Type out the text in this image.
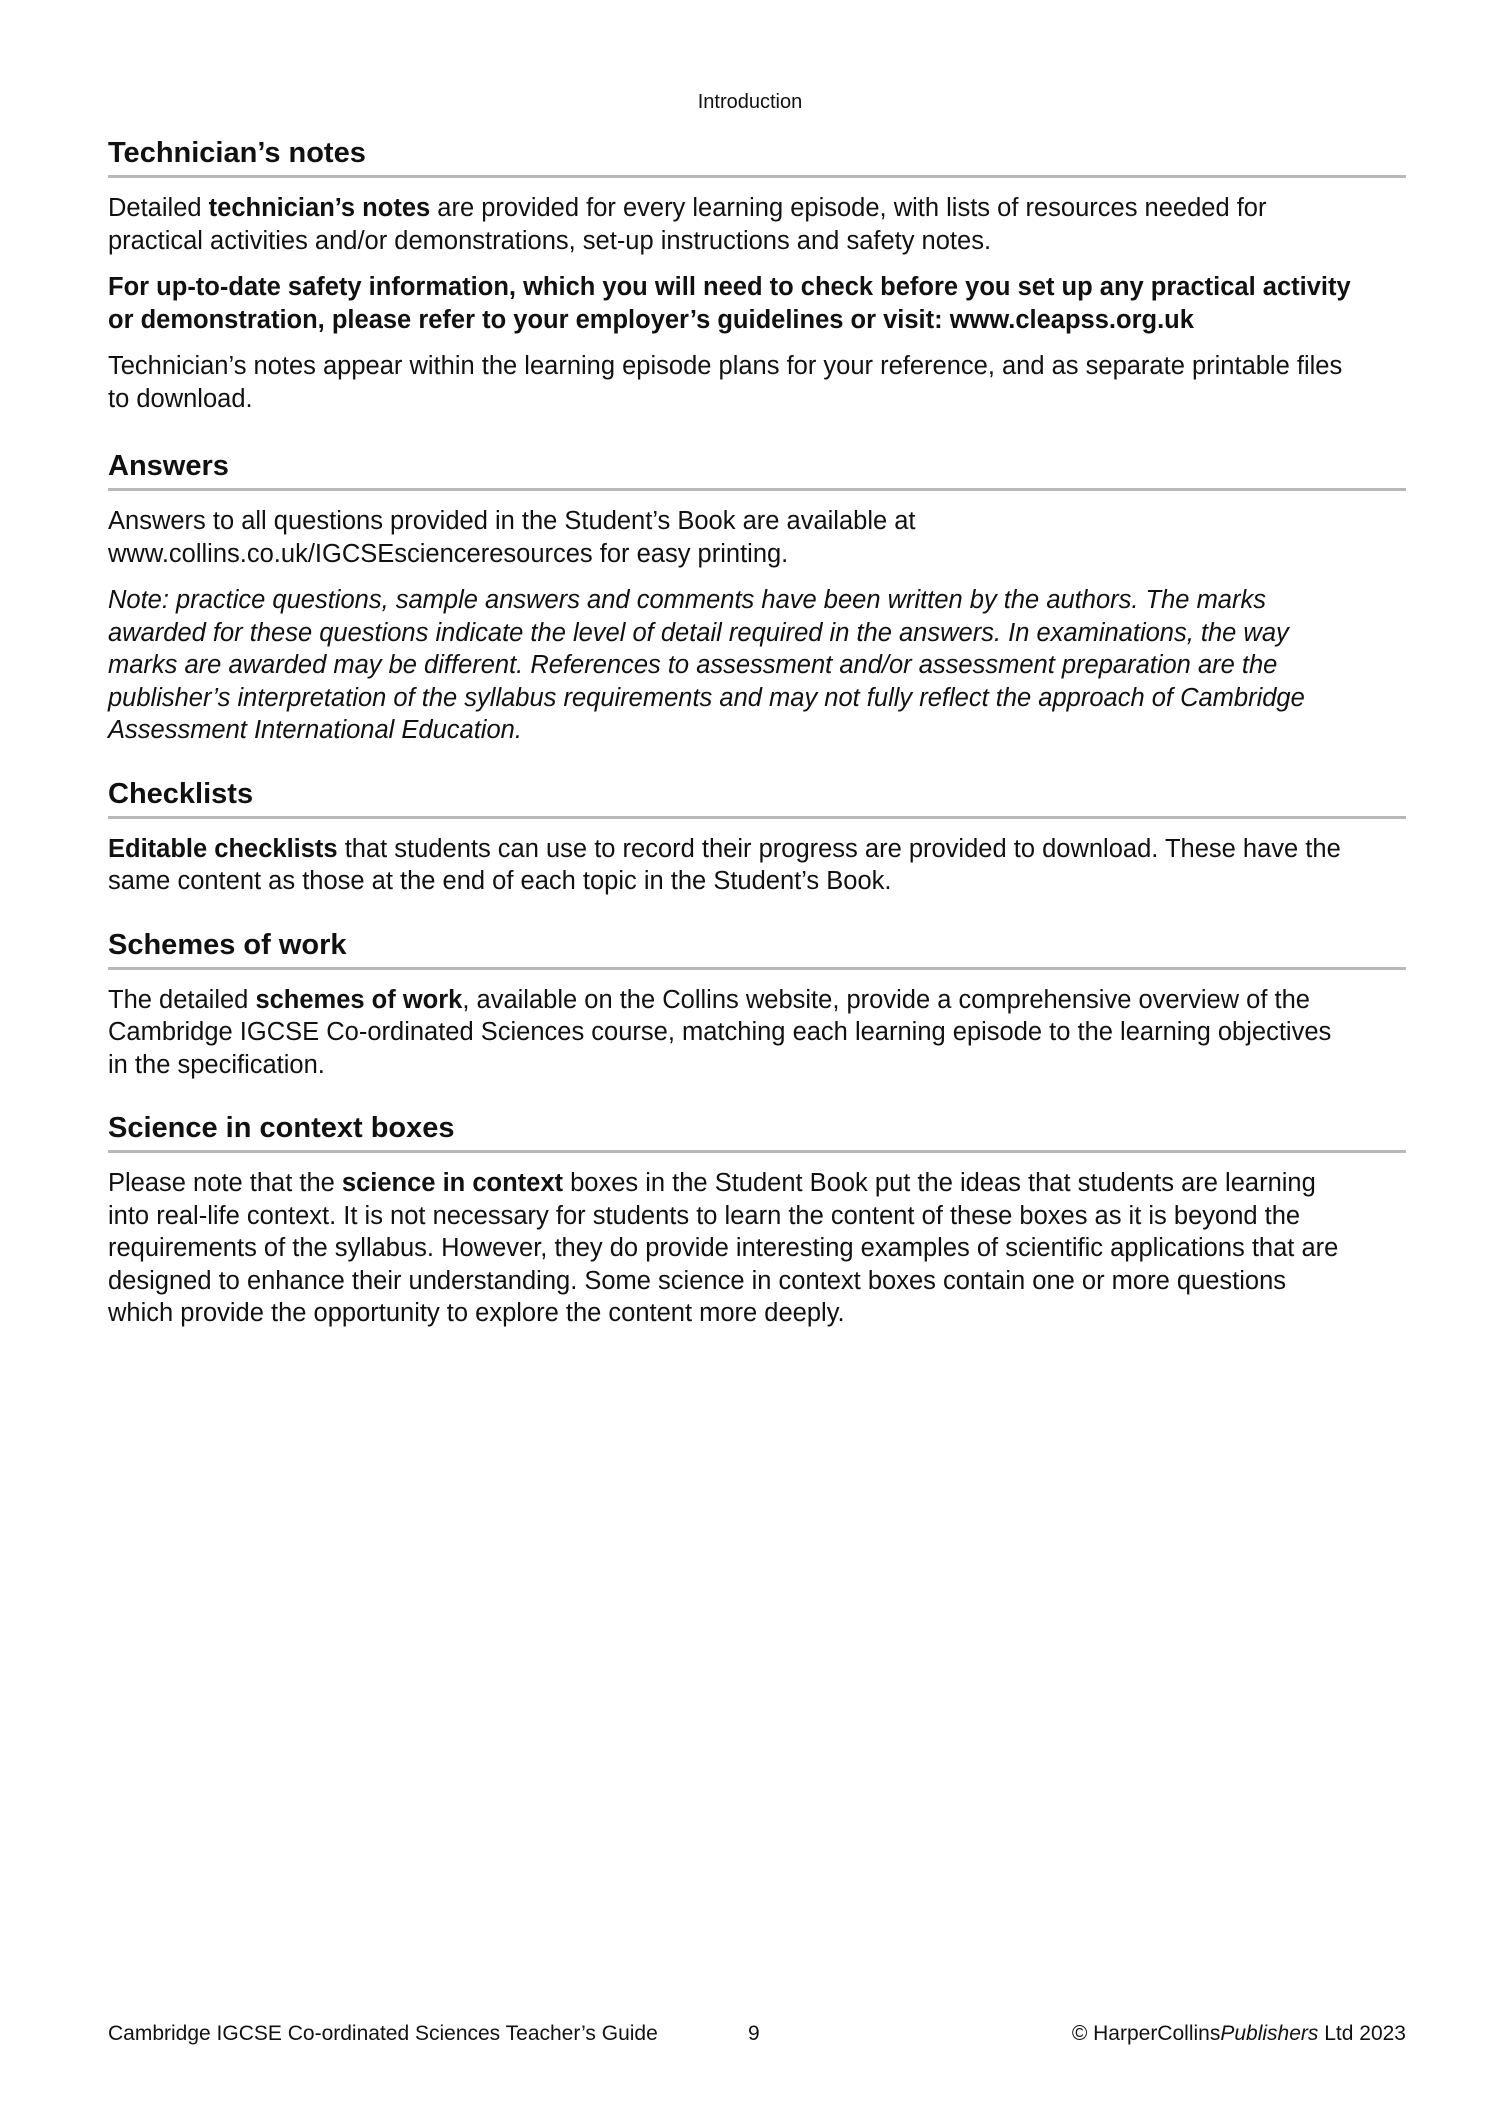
Introduction
Technician’s notes

Detailed technician’s notes are provided for every learning episode, with lists of resources needed for practical activities and/or demonstrations, set-up instructions and safety notes.

For up-to-date safety information, which you will need to check before you set up any practical activity or demonstration, please refer to your employer’s guidelines or visit: www.cleapss.org.uk

Technician’s notes appear within the learning episode plans for your reference, and as separate printable files to download.

Answers

Answers to all questions provided in the Student’s Book are available at www.collins.co.uk/IGCSEscienceresources for easy printing.

Note: practice questions, sample answers and comments have been written by the authors. The marks awarded for these questions indicate the level of detail required in the answers. In examinations, the way marks are awarded may be different. References to assessment and/or assessment preparation are the publisher’s interpretation of the syllabus requirements and may not fully reflect the approach of Cambridge Assessment International Education.

Checklists

Editable checklists that students can use to record their progress are provided to download. These have the same content as those at the end of each topic in the Student’s Book.

Schemes of work

The detailed schemes of work, available on the Collins website, provide a comprehensive overview of the Cambridge IGCSE Co-ordinated Sciences course, matching each learning episode to the learning objectives in the specification.

Science in context boxes

Please note that the science in context boxes in the Student Book put the ideas that students are learning into real-life context. It is not necessary for students to learn the content of these boxes as it is beyond the requirements of the syllabus. However, they do provide interesting examples of scientific applications that are designed to enhance their understanding. Some science in context boxes contain one or more questions which provide the opportunity to explore the content more deeply.

Cambridge IGCSE Co-ordinated Sciences Teacher’s Guide	9	© HarperCollinsPublishers Ltd 2023
